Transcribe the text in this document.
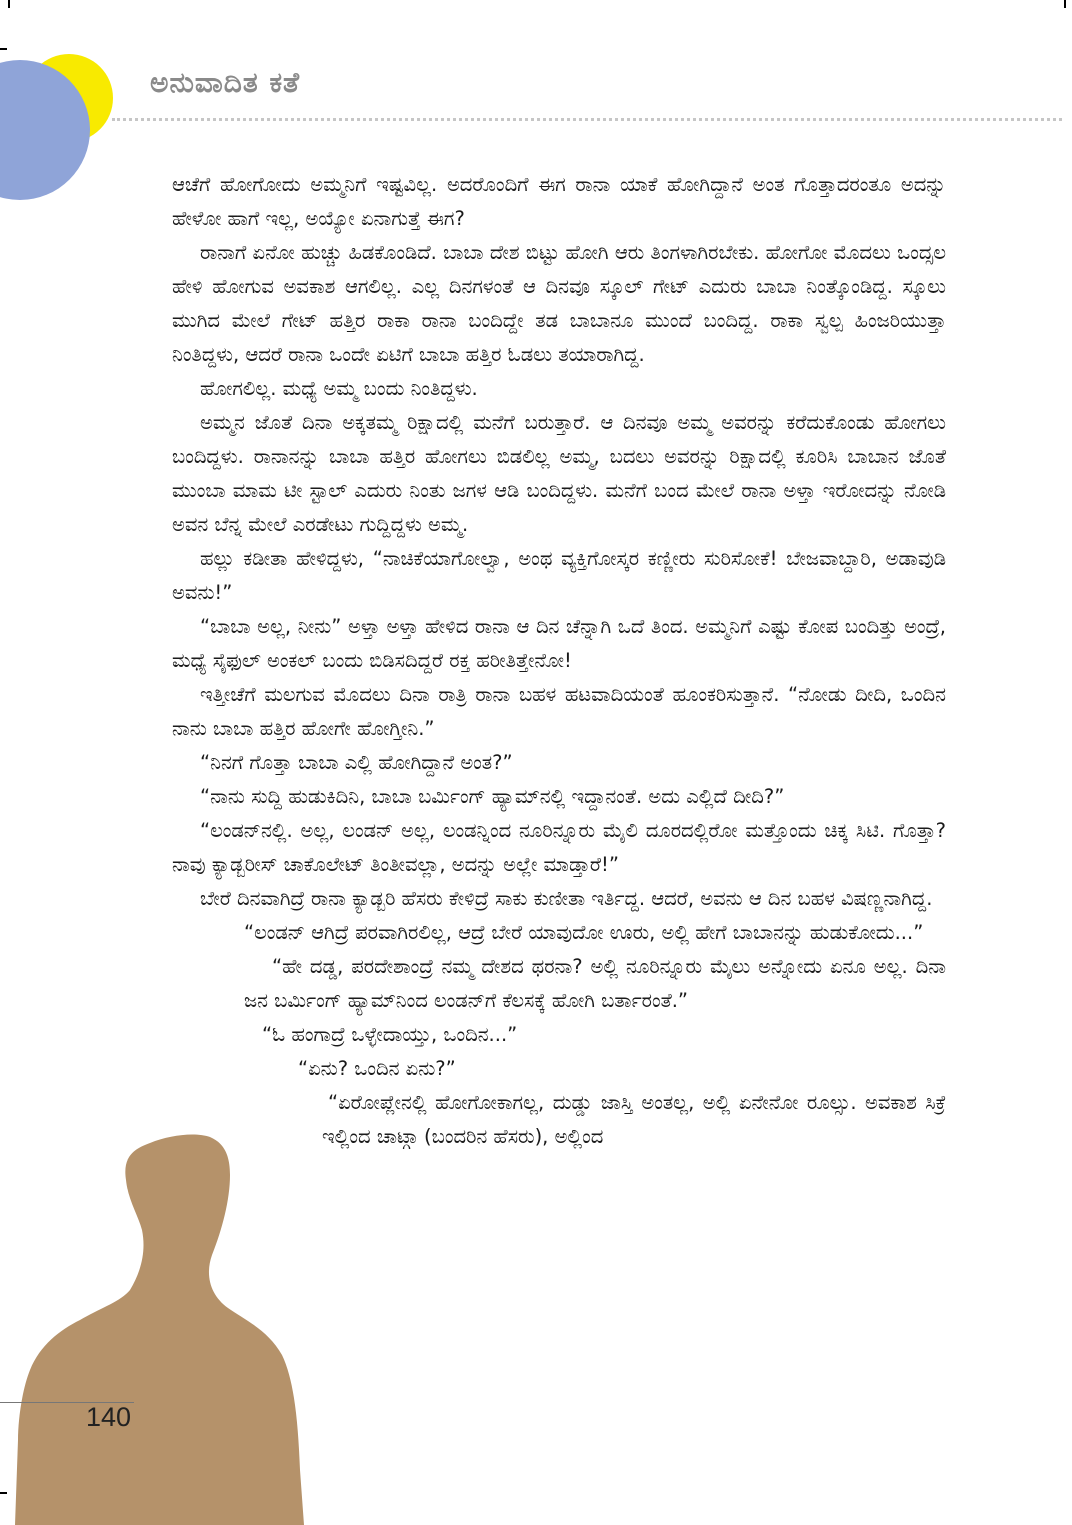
ಅನುವಾದಿತ ಕತೆ

ಆಚೆಗೆ ಹೋಗೋದು ಅಮ್ಮನಿಗೆ ಇಷ್ಟವಿಲ್ಲ. ಅದರೊಂದಿಗೆ ಈಗ ರಾನಾ ಯಾಕೆ ಹೋಗಿದ್ದಾನೆ ಅಂತ ಗೊತ್ತಾದರಂತೂ ಅದನ್ನು ಹೇಳೋ ಹಾಗೆ ಇಲ್ಲ, ಅಯ್ಯೋ ಏನಾಗುತ್ತೆ ಈಗ?

ರಾನಾಗೆ ಏನೋ ಹುಚ್ಚು ಹಿಡಕೊಂಡಿದೆ. ಬಾಬಾ ದೇಶ ಬಿಟ್ಟು ಹೋಗಿ ಆರು ತಿಂಗಳಾಗಿರಬೇಕು. ಹೋಗೋ ಮೊದಲು ಒಂದ್ಸಲ ಹೇಳಿ ಹೋಗುವ ಅವಕಾಶ ಆಗಲಿಲ್ಲ. ಎಲ್ಲ ದಿನಗಳಂತೆ ಆ ದಿನವೂ ಸ್ಕೂಲ್ ಗೇಟ್ ಎದುರು ಬಾಬಾ ನಿಂತ್ಕೊಂಡಿದ್ದ. ಸ್ಕೂಲು ಮುಗಿದ ಮೇಲೆ ಗೇಟ್ ಹತ್ತಿರ ರಾಕಾ ರಾನಾ ಬಂದಿದ್ದೇ ತಡ ಬಾಬಾನೂ ಮುಂದೆ ಬಂದಿದ್ದ. ರಾಕಾ ಸ್ವಲ್ಪ ಹಿಂಜರಿಯುತ್ತಾ ನಿಂತಿದ್ದಳು, ಆದರೆ ರಾನಾ ಒಂದೇ ಏಟಿಗೆ ಬಾಬಾ ಹತ್ತಿರ ಓಡಲು ತಯಾರಾಗಿದ್ದ.

ಹೋಗಲಿಲ್ಲ. ಮಧ್ಯೆ ಅಮ್ಮ ಬಂದು ನಿಂತಿದ್ದಳು.

ಅಮ್ಮನ ಜೊತೆ ದಿನಾ ಅಕ್ಕತಮ್ಮ ರಿಕ್ಷಾದಲ್ಲಿ ಮನೆಗೆ ಬರುತ್ತಾರೆ. ಆ ದಿನವೂ ಅಮ್ಮ ಅವರನ್ನು ಕರೆದುಕೊಂಡು ಹೋಗಲು ಬಂದಿದ್ದಳು. ರಾನಾನನ್ನು ಬಾಬಾ ಹತ್ತಿರ ಹೋಗಲು ಬಿಡಲಿಲ್ಲ ಅಮ್ಮ, ಬದಲು ಅವರನ್ನು ರಿಕ್ಷಾದಲ್ಲಿ ಕೂರಿಸಿ ಬಾಬಾನ ಜೊತೆ ಮುಂಬಾ ಮಾಮ ಟೀ ಸ್ಟಾಲ್ ಎದುರು ನಿಂತು ಜಗಳ ಆಡಿ ಬಂದಿದ್ದಳು. ಮನೆಗೆ ಬಂದ ಮೇಲೆ ರಾನಾ ಅಳ್ತಾ ಇರೋದನ್ನು ನೋಡಿ ಅವನ ಬೆನ್ನ ಮೇಲೆ ಎರಡೇಟು ಗುದ್ದಿದ್ದಳು ಅಮ್ಮ.

ಹಲ್ಲು ಕಡೀತಾ ಹೇಳಿದ್ದಳು, “ನಾಚಿಕೆಯಾಗೋಲ್ವಾ, ಅಂಥ ವ್ಯಕ್ತಿಗೋಸ್ಕರ ಕಣ್ಣೀರು ಸುರಿಸೋಕೆ! ಬೇಜವಾಬ್ದಾರಿ, ಅಡಾವುಡಿ ಅವನು!”

“ಬಾಬಾ ಅಲ್ಲ, ನೀನು” ಅಳ್ತಾ ಅಳ್ತಾ ಹೇಳಿದ ರಾನಾ ಆ ದಿನ ಚೆನ್ನಾಗಿ ಒದೆ ತಿಂದ. ಅಮ್ಮನಿಗೆ ಎಷ್ಟು ಕೋಪ ಬಂದಿತ್ತು ಅಂದ್ರೆ, ಮಧ್ಯೆ ಸೈಫುಲ್ ಅಂಕಲ್ ಬಂದು ಬಿಡಿಸದಿದ್ದರೆ ರಕ್ತ ಹರೀತಿತ್ತೇನೋ!

ಇತ್ತೀಚೆಗೆ ಮಲಗುವ ಮೊದಲು ದಿನಾ ರಾತ್ರಿ ರಾನಾ ಬಹಳ ಹಟವಾದಿಯಂತೆ ಹೂಂಕರಿಸುತ್ತಾನೆ. “ನೋಡು ದೀದಿ, ಒಂದಿನ ನಾನು ಬಾಬಾ ಹತ್ತಿರ ಹೋಗೇ ಹೋಗ್ತೀನಿ.”

“ನಿನಗೆ ಗೊತ್ತಾ ಬಾಬಾ ಎಲ್ಲಿ ಹೋಗಿದ್ದಾನೆ ಅಂತ?”

“ನಾನು ಸುದ್ದಿ ಹುಡುಕಿದಿನಿ, ಬಾಬಾ ಬರ್ಮಿಂಗ್ ಹ್ಯಾಮ್‌ನಲ್ಲಿ ಇದ್ದಾನಂತೆ. ಅದು ಎಲ್ಲಿದೆ ದೀದಿ?”

“ಲಂಡನ್‌ನಲ್ಲಿ. ಅಲ್ಲ, ಲಂಡನ್ ಅಲ್ಲ, ಲಂಡನ್ನಿಂದ ನೂರಿನ್ನೂರು ಮೈಲಿ ದೂರದಲ್ಲಿರೋ ಮತ್ತೊಂದು ಚಿಕ್ಕ ಸಿಟಿ. ಗೊತ್ತಾ? ನಾವು ಕ್ಯಾಡ್ಬರೀಸ್ ಚಾಕೊಲೇಟ್ ತಿಂತೀವಲ್ಲಾ, ಅದನ್ನು ಅಲ್ಲೇ ಮಾಡ್ತಾರೆ!”

ಬೇರೆ ದಿನವಾಗಿದ್ರೆ ರಾನಾ ಕ್ಯಾಡ್ಬರಿ ಹೆಸರು ಕೇಳಿದ್ರೆ ಸಾಕು ಕುಣೀತಾ ಇರ್ತಿದ್ದ. ಆದರೆ, ಅವನು ಆ ದಿನ ಬಹಳ ವಿಷಣ್ಣನಾಗಿದ್ದ.

“ಲಂಡನ್ ಆಗಿದ್ರೆ ಪರವಾಗಿರಲಿಲ್ಲ, ಆದ್ರೆ ಬೇರೆ ಯಾವುದೋ ಊರು, ಅಲ್ಲಿ ಹೇಗೆ ಬಾಬಾನನ್ನು ಹುಡುಕೋದು...”

“ಹೇ ದಡ್ಡ, ಪರದೇಶಾಂದ್ರೆ ನಮ್ಮ ದೇಶದ ಥರನಾ? ಅಲ್ಲಿ ನೂರಿನ್ನೂರು ಮೈಲು ಅನ್ನೋದು ಏನೂ ಅಲ್ಲ. ದಿನಾ ಜನ ಬರ್ಮಿಂಗ್ ಹ್ಯಾಮ್‌ನಿಂದ ಲಂಡನ್‌ಗೆ ಕೆಲಸಕ್ಕೆ ಹೋಗಿ ಬರ್ತಾರಂತೆ.”

“ಓ ಹಂಗಾದ್ರೆ ಒಳ್ಳೇದಾಯ್ತು, ಒಂದಿನ...”

“ಏನು? ಒಂದಿನ ಏನು?”

“ಏರೋಪ್ಲೇನಲ್ಲಿ ಹೋಗೋಕಾಗಲ್ಲ, ದುಡ್ಡು ಜಾಸ್ತಿ ಅಂತಲ್ಲ, ಅಲ್ಲಿ ಏನೇನೋ ರೂಲ್ಸು. ಅವಕಾಶ ಸಿಕ್ರೆ ಇಲ್ಲಿಂದ ಚಾಟ್ಗಾ (ಬಂದರಿನ ಹೆಸರು), ಅಲ್ಲಿಂದ

140
